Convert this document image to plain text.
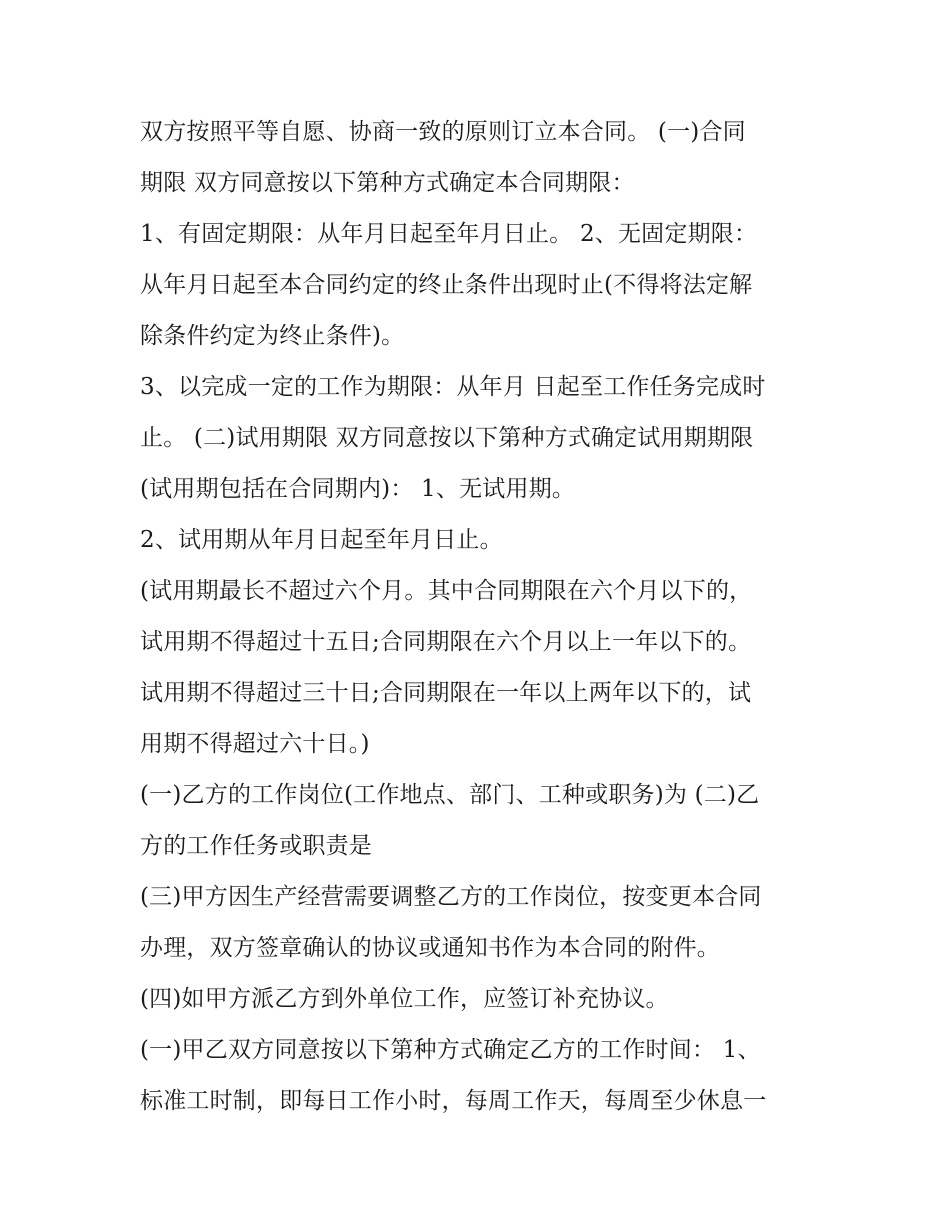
双方按照平等自愿、协商一致的原则订立本合同。 (一)合同
期限 双方同意按以下第种方式确定本合同期限：
1、有固定期限：从年月日起至年月日止。 2、无固定期限：
从年月日起至本合同约定的终止条件出现时止(不得将法定解
除条件约定为终止条件)。
3、以完成一定的工作为期限：从年月 日起至工作任务完成时
止。 (二)试用期限 双方同意按以下第种方式确定试用期期限
(试用期包括在合同期内)： 1、无试用期。
2、试用期从年月日起至年月日止。
(试用期最长不超过六个月。其中合同期限在六个月以下的，
试用期不得超过十五日;合同期限在六个月以上一年以下的。
试用期不得超过三十日;合同期限在一年以上两年以下的，试
用期不得超过六十日。)
(一)乙方的工作岗位(工作地点、部门、工种或职务)为 (二)乙
方的工作任务或职责是
(三)甲方因生产经营需要调整乙方的工作岗位，按变更本合同
办理，双方签章确认的协议或通知书作为本合同的附件。
(四)如甲方派乙方到外单位工作，应签订补充协议。
(一)甲乙双方同意按以下第种方式确定乙方的工作时间： 1、
标准工时制，即每日工作小时，每周工作天，每周至少休息一
